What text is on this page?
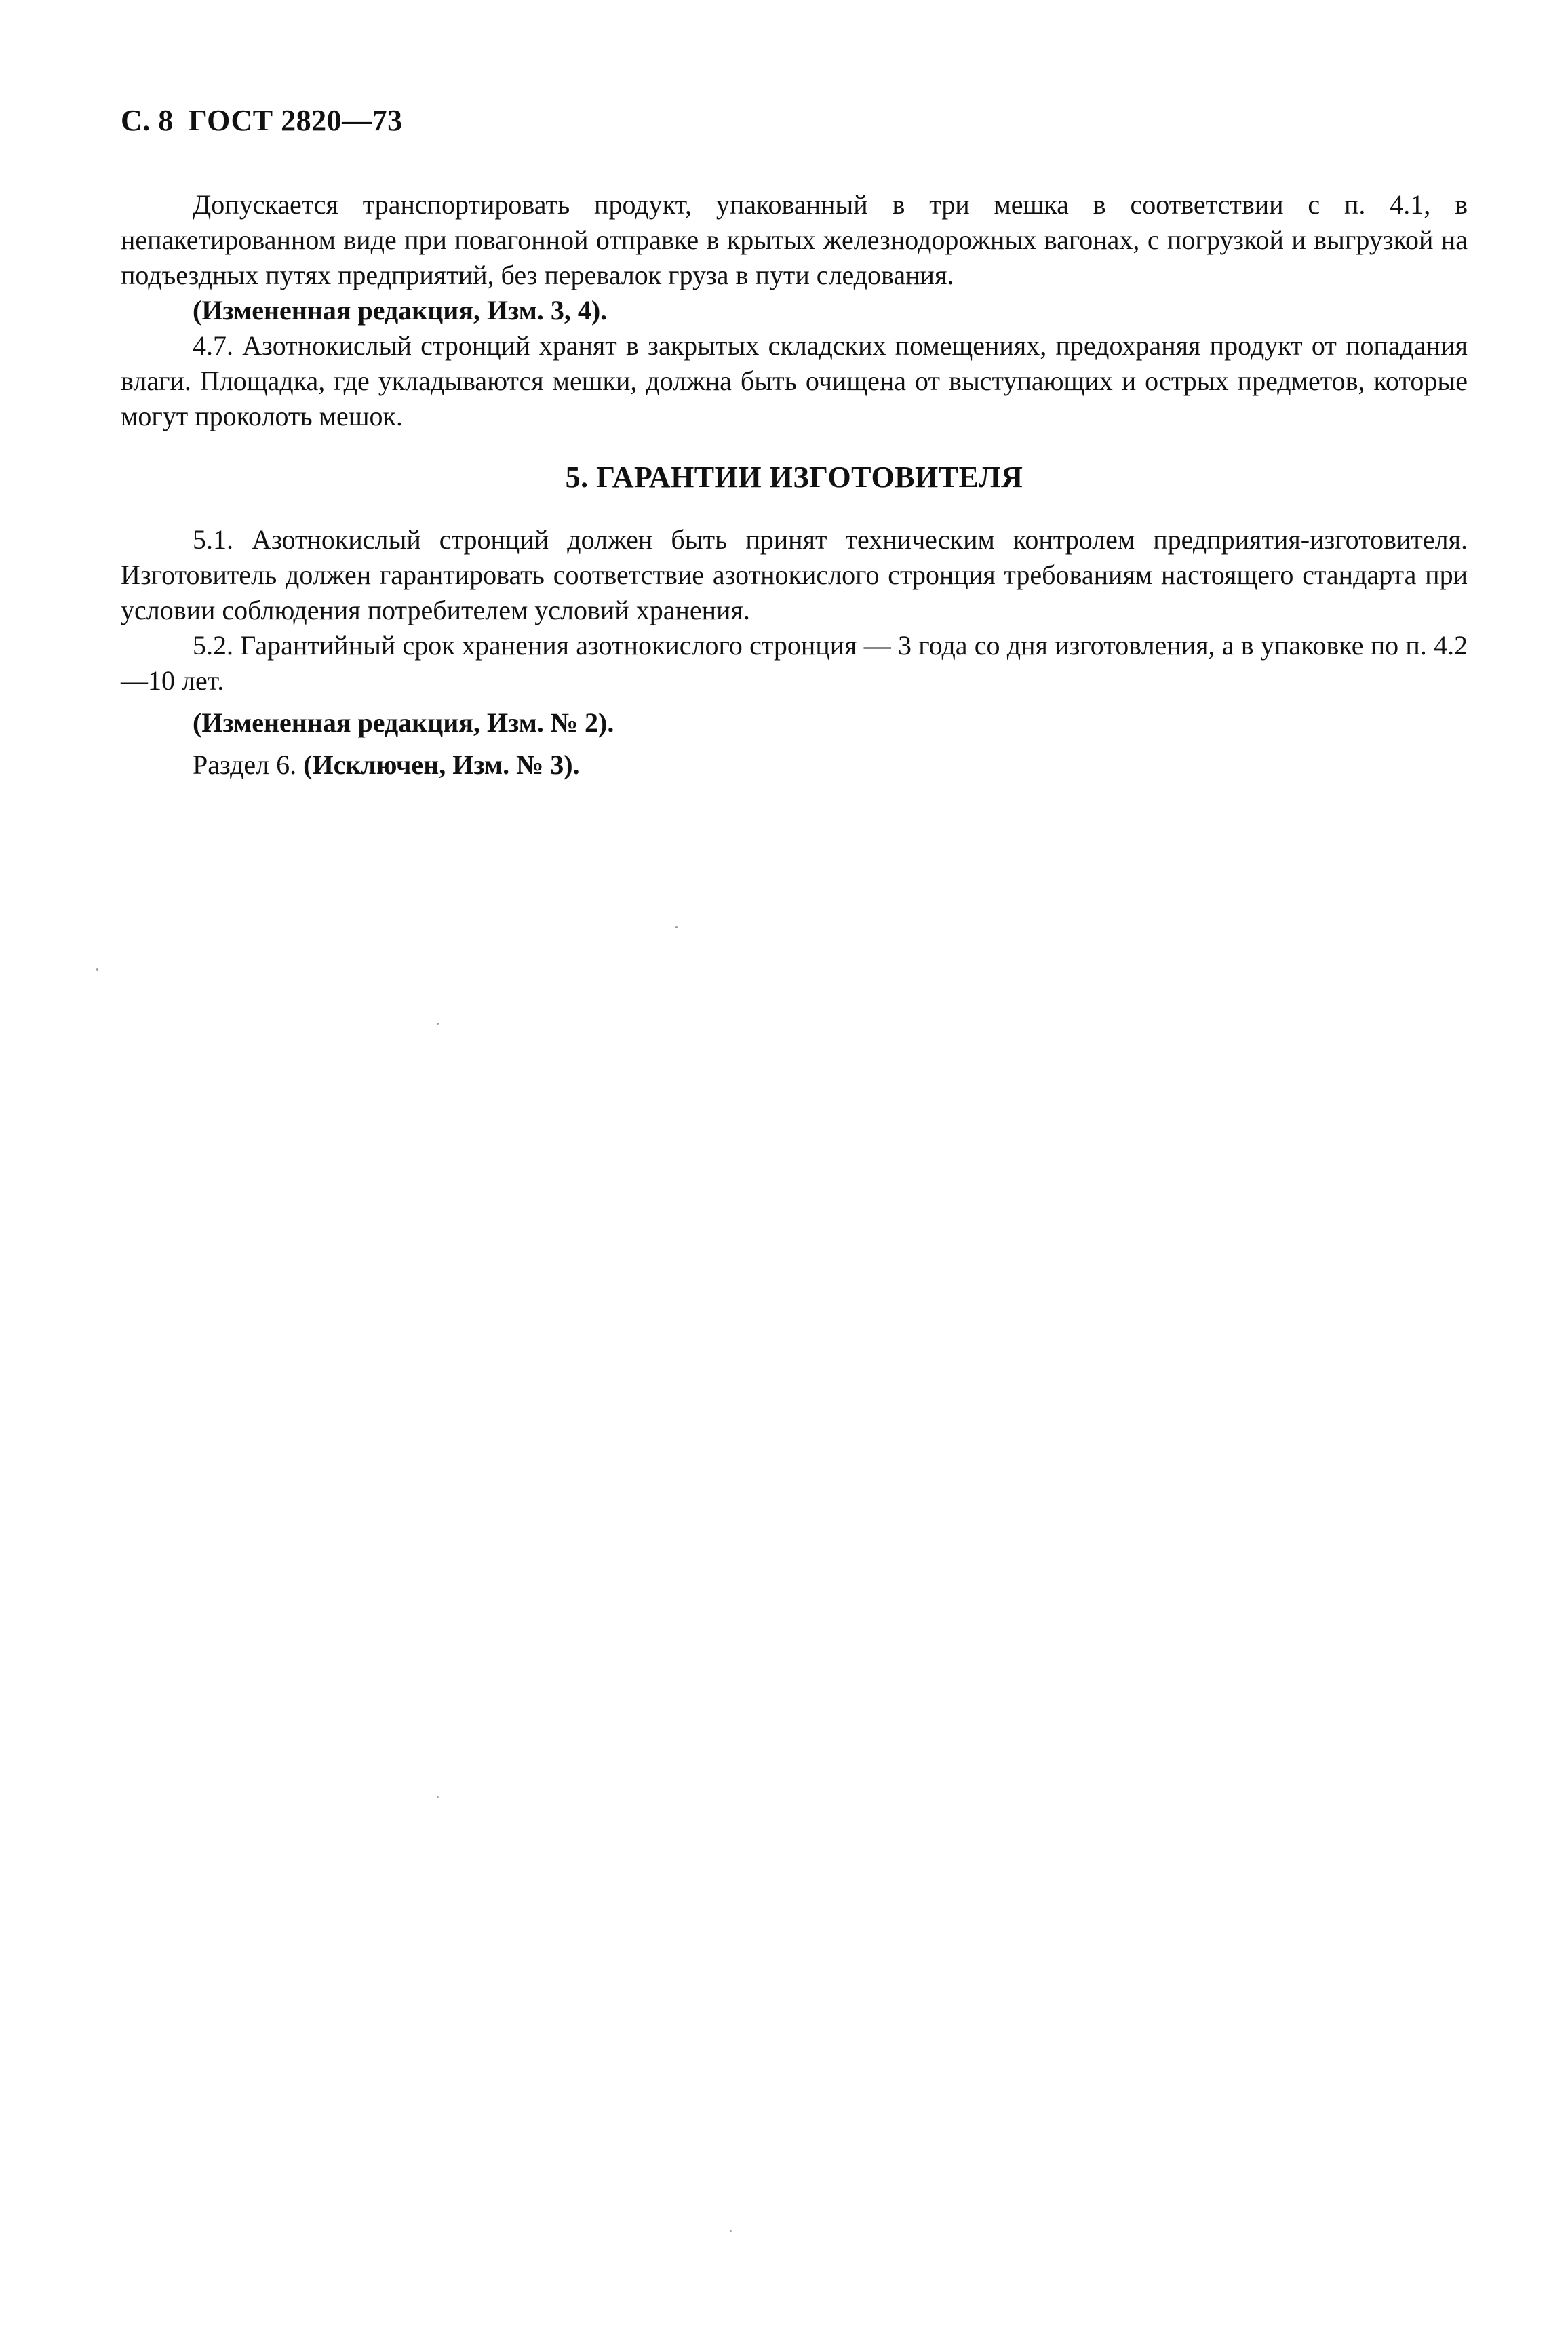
С. 8 ГОСТ 2820—73

Допускается транспортировать продукт, упакованный в три мешка в соответствии с п. 4.1, в непакетированном виде при повагонной отправке в крытых железнодорожных вагонах, с погрузкой и выгрузкой на подъездных путях предприятий, без перевалок груза в пути следования.

(Измененная редакция, Изм. 3, 4).

4.7. Азотнокислый стронций хранят в закрытых складских помещениях, предохраняя продукт от попадания влаги. Площадка, где укладываются мешки, должна быть очищена от выступающих и острых предметов, которые могут проколоть мешок.

5. ГАРАНТИИ ИЗГОТОВИТЕЛЯ

5.1. Азотнокислый стронций должен быть принят техническим контролем предприятия-изготовителя. Изготовитель должен гарантировать соответствие азотнокислого стронция требованиям настоящего стандарта при условии соблюдения потребителем условий хранения.

5.2. Гарантийный срок хранения азотнокислого стронция — 3 года со дня изготовления, а в упаковке по п. 4.2—10 лет.

(Измененная редакция, Изм. № 2).

Раздел 6. (Исключен, Изм. № 3).
